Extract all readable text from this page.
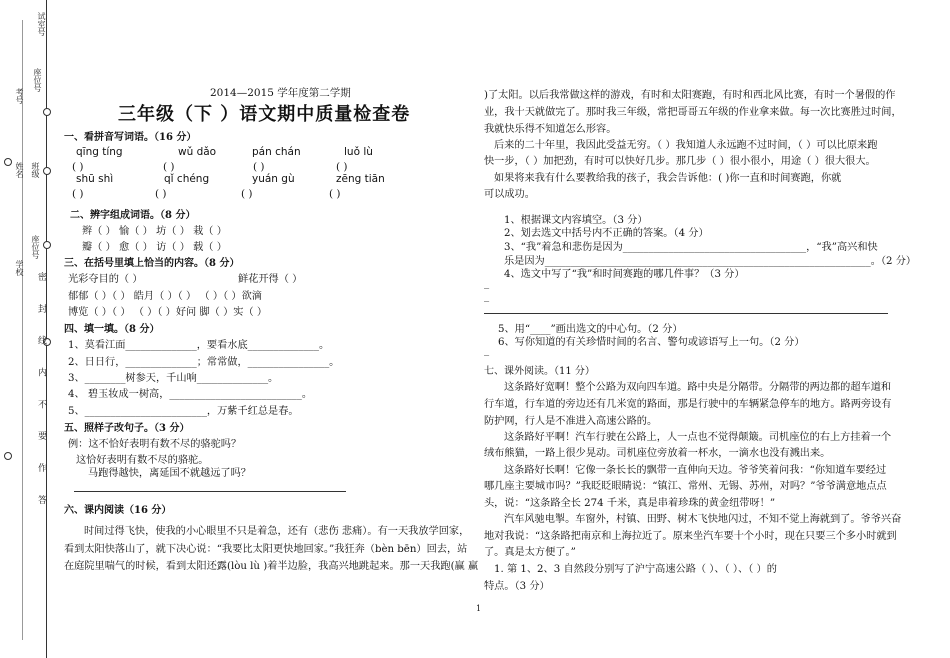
试室号
座位号
考号
姓名 班级
学校
座位号
密 封 线 内 不 要 作 答
2014—2015 学年度第二学期
三年级（下 ）语文期中质量检查卷
一、看拼音写词语。（16 分）
qīng tíng	wǔ dǎo	pán chán	luǒ lù
( )	( )	( )	( )
shū shì	qǐ chéng	yuán gù	zēng tiān
( )	( )	( )	( )
二、辨字组成词语。（8 分）
辫（ ） 愉（ ） 坊（ ） 栽（ ）
瓣（ ） 愈（ ） 访（ ） 载（ ）
三、在括号里填上恰当的内容。（8 分）
光彩夺目的（ ）	鲜花开得（ ）
郁郁（ ）（ ） 皓月（ ）（ ） （ ）（ ）欲滴
博览（ ）（ ） （ ）（ ）好问 脚（ ）实（ ）
四、填一填。（8 分）
1、莫看江面______________，要看水底______________。
2、日日行，______________；常常做，________________。
3、________树参天，千山响______________。
4、 碧玉妆成一树高，__________________________。
5、________________________，万紫千红总是春。
五、照样子改句子。（3 分）
例：这不恰好表明有数不尽的骆驼吗？
这恰好表明有数不尽的骆驼。
马跑得越快，离延国不就越远了吗？
六、课内阅读（16 分）
时间过得飞快，使我的小心眼里不只是着急，还有（悲伤 悲痛）。有一天我放学回家，
看到太阳快落山了，就下决心说：“我要比太阳更快地回家。”我狂奔（bèn bēn）回去，站
在庭院里喘气的时候，看到太阳还露(lòu lù )着半边脸，我高兴地跳起来。那一天我跑(赢 赢
)了太阳。以后我常做这样的游戏，有时和太阳赛跑，有时和西北风比赛，有时一个暑假的作
业，我十天就做完了。那时我三年级，常把哥哥五年级的作业拿来做。每一次比赛胜过时间，
我就快乐得不知道怎么形容。
后来的二十年里，我因此受益无穷。（ ）我知道人永远跑不过时间，（ ）可以比原来跑
快一步，（ ）加把劲，有时可以快好几步。那几步（ ）很小很小，用途（ ）很大很大。
如果将来我有什么要教给我的孩子，我会告诉他：( )你一直和时间赛跑，你就
可以成功。
1、根据课文内容填空。（3 分）
2、划去选文中括号内不正确的答案。（4 分）
3、“我”着急和悲伤是因为____________________________________，“我”高兴和快
乐是因为________________________________________________________________。（2 分）
4、选文中写了“我”和时间赛跑的哪几件事？（3 分）
_
_
5、用“____”画出选文的中心句。（2 分）
6、写你知道的有关珍惜时间的名言、警句或谚语写上一句。（2 分）
_
七、课外阅读。（11 分）
这条路好宽啊！整个公路为双向四车道。路中央是分隔带。分隔带的两边都的超车道和
行车道，行车道的旁边还有几米宽的路面，那是行驶中的车辆紧急停车的地方。路两旁设有
防护网，行人是不准进入高速公路的。
这条路好平啊！汽车行驶在公路上，人一点也不觉得颠簸。司机座位的右上方挂着一个
绒布熊猫，一路上很少晃动。司机座位旁放着一杯水，一滴水也没有溅出来。
这条路好长啊！它像一条长长的飘带一直伸向天边。爷爷笑着问我：“你知道车要经过
哪几座主要城市吗？”我眨眨眼睛说：“镇江、常州、无锡、苏州，对吗？”爷爷满意地点点
头，说：“这条路全长 274 千米，真是串着珍珠的黄金纽带呀！”
汽车风驰电掣。车窗外，村镇、田野、树木飞快地闪过，不知不觉上海就到了。爷爷兴奋
地对我说：“这条路把南京和上海拉近了。原来坐汽车要十个小时，现在只要三个多小时就到
了。真是太方便了。”
1. 第 1、2、3 自然段分别写了沪宁高速公路（ ）、（ ）、（ ）的
特点。（3 分）
1
